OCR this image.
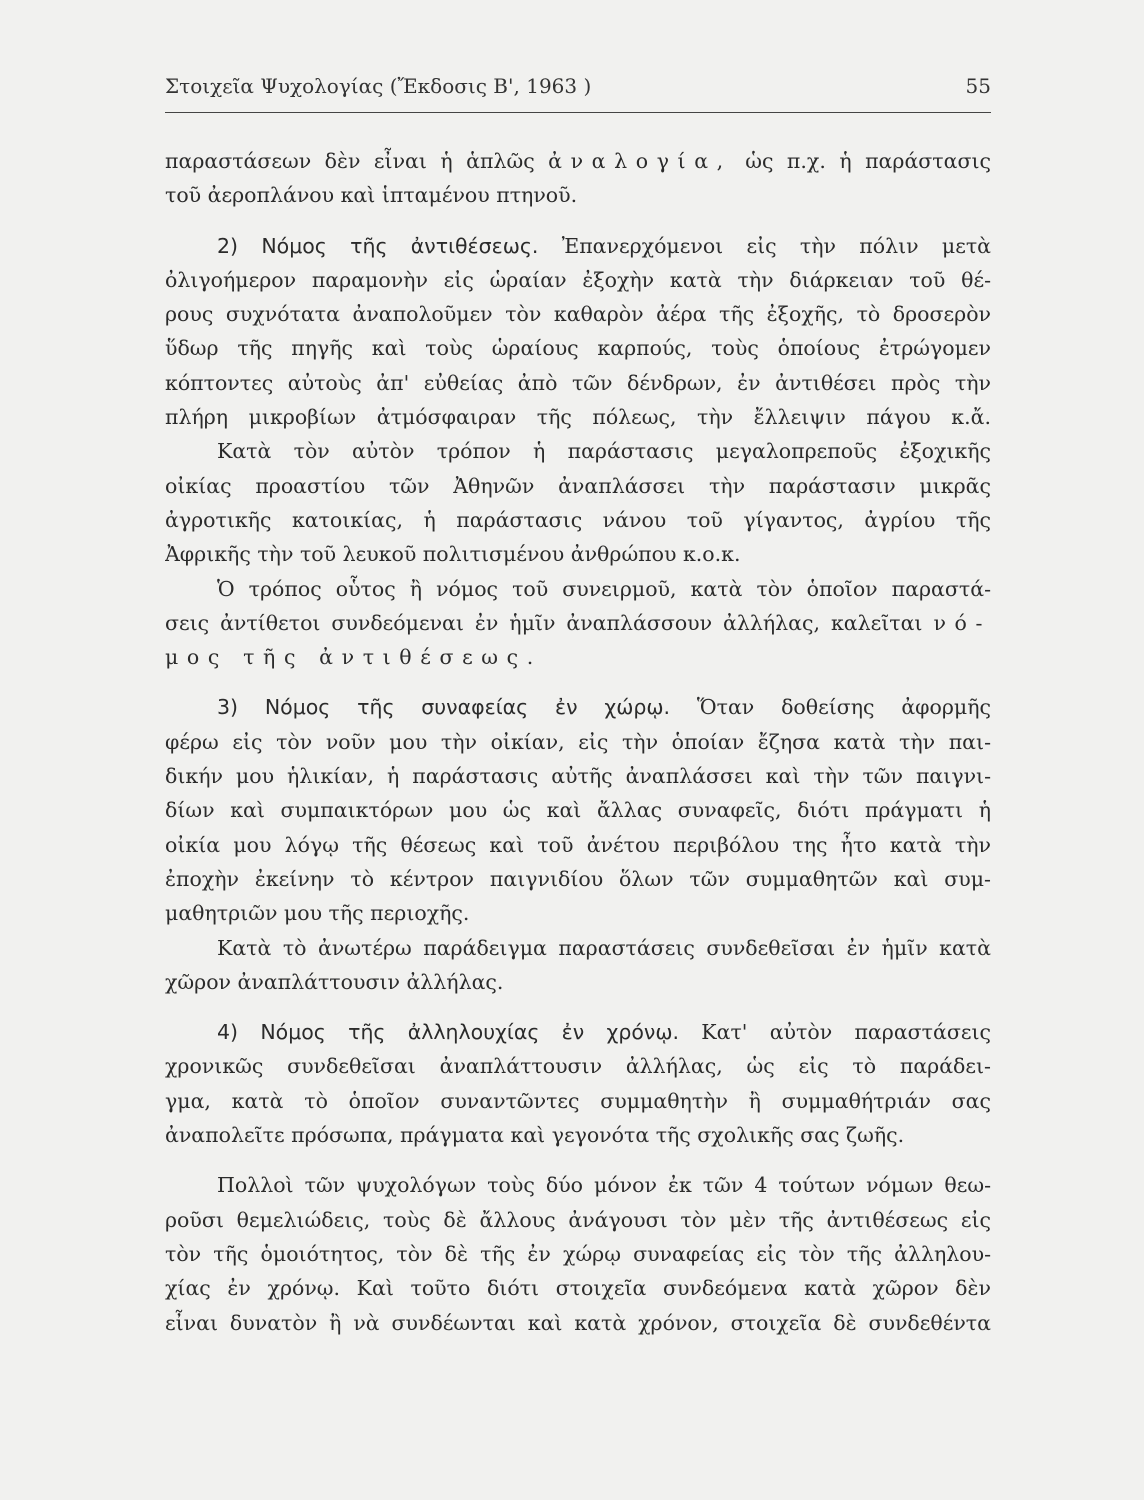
Στοιχεῖα Ψυχολογίας (Ἔκδοσις Β', 1963 )	55
παραστάσεων δὲν εἶναι ἡ ἁπλῶς ἀναλογία, ὡς π.χ. ἡ παράστασις
τοῦ ἀεροπλάνου καὶ ἱπταμένου πτηνοῦ.
2) Νόμος τῆς ἀντιθέσεως. Ἐπανερχόμενοι εἰς τὴν πόλιν μετὰ
ὀλιγοήμερον παραμονὴν εἰς ὡραίαν ἐξοχὴν κατὰ τὴν διάρκειαν τοῦ θέ-
ρους συχνότατα ἀναπολοῦμεν τὸν καθαρὸν ἀέρα τῆς ἐξοχῆς, τὸ δροσερὸν
ὕδωρ τῆς πηγῆς καὶ τοὺς ὡραίους καρπούς, τοὺς ὁποίους ἐτρώγομεν
κόπτοντες αὐτοὺς ἀπ' εὐθείας ἀπὸ τῶν δένδρων, ἐν ἀντιθέσει πρὸς τὴν
πλήρη μικροβίων ἀτμόσφαιραν τῆς πόλεως, τὴν ἔλλειψιν πάγου κ.ἄ.
Κατὰ τὸν αὐτὸν τρόπον ἡ παράστασις μεγαλοπρεποῦς ἐξοχικῆς
οἰκίας προαστίου τῶν Ἀθηνῶν ἀναπλάσσει τὴν παράστασιν μικρᾶς
ἀγροτικῆς κατοικίας, ἡ παράστασις νάνου τοῦ γίγαντος, ἀγρίου τῆς
Ἀφρικῆς τὴν τοῦ λευκοῦ πολιτισμένου ἀνθρώπου κ.ο.κ.
Ὁ τρόπος οὗτος ἢ νόμος τοῦ συνειρμοῦ, κατὰ τὸν ὁποῖον παραστά-
σεις ἀντίθετοι συνδεόμεναι ἐν ἡμῖν ἀναπλάσσουν ἀλλήλας, καλεῖται νό-
μος τῆς ἀντιθέσεως.
3) Νόμος τῆς συναφείας ἐν χώρῳ. Ὅταν δοθείσης ἀφορμῆς
φέρω εἰς τὸν νοῦν μου τὴν οἰκίαν, εἰς τὴν ὁποίαν ἔζησα κατὰ τὴν παι-
δικήν μου ἡλικίαν, ἡ παράστασις αὐτῆς ἀναπλάσσει καὶ τὴν τῶν παιγνι-
δίων καὶ συμπαικτόρων μου ὡς καὶ ἄλλας συναφεῖς, διότι πράγματι ἡ
οἰκία μου λόγῳ τῆς θέσεως καὶ τοῦ ἀνέτου περιβόλου της ἦτο κατὰ τὴν
ἐποχὴν ἐκείνην τὸ κέντρον παιγνιδίου ὅλων τῶν συμμαθητῶν καὶ συμ-
μαθητριῶν μου τῆς περιοχῆς.
Κατὰ τὸ ἀνωτέρω παράδειγμα παραστάσεις συνδεθεῖσαι ἐν ἡμῖν κατὰ
χῶρον ἀναπλάττουσιν ἀλλήλας.
4) Νόμος τῆς ἀλληλουχίας ἐν χρόνῳ. Κατ' αὐτὸν παραστάσεις
χρονικῶς συνδεθεῖσαι ἀναπλάττουσιν ἀλλήλας, ὡς εἰς τὸ παράδει-
γμα, κατὰ τὸ ὁποῖον συναντῶντες συμμαθητὴν ἢ συμμαθήτριάν σας
ἀναπολεῖτε πρόσωπα, πράγματα καὶ γεγονότα τῆς σχολικῆς σας ζωῆς.
Πολλοὶ τῶν ψυχολόγων τοὺς δύο μόνον ἐκ τῶν 4 τούτων νόμων θεω-
ροῦσι θεμελιώδεις, τοὺς δὲ ἄλλους ἀνάγουσι τὸν μὲν τῆς ἀντιθέσεως εἰς
τὸν τῆς ὁμοιότητος, τὸν δὲ τῆς ἐν χώρῳ συναφείας εἰς τὸν τῆς ἀλληλου-
χίας ἐν χρόνῳ. Καὶ τοῦτο διότι στοιχεῖα συνδεόμενα κατὰ χῶρον δὲν
εἶναι δυνατὸν ἢ νὰ συνδέωνται καὶ κατὰ χρόνον, στοιχεῖα δὲ συνδεθέντα
